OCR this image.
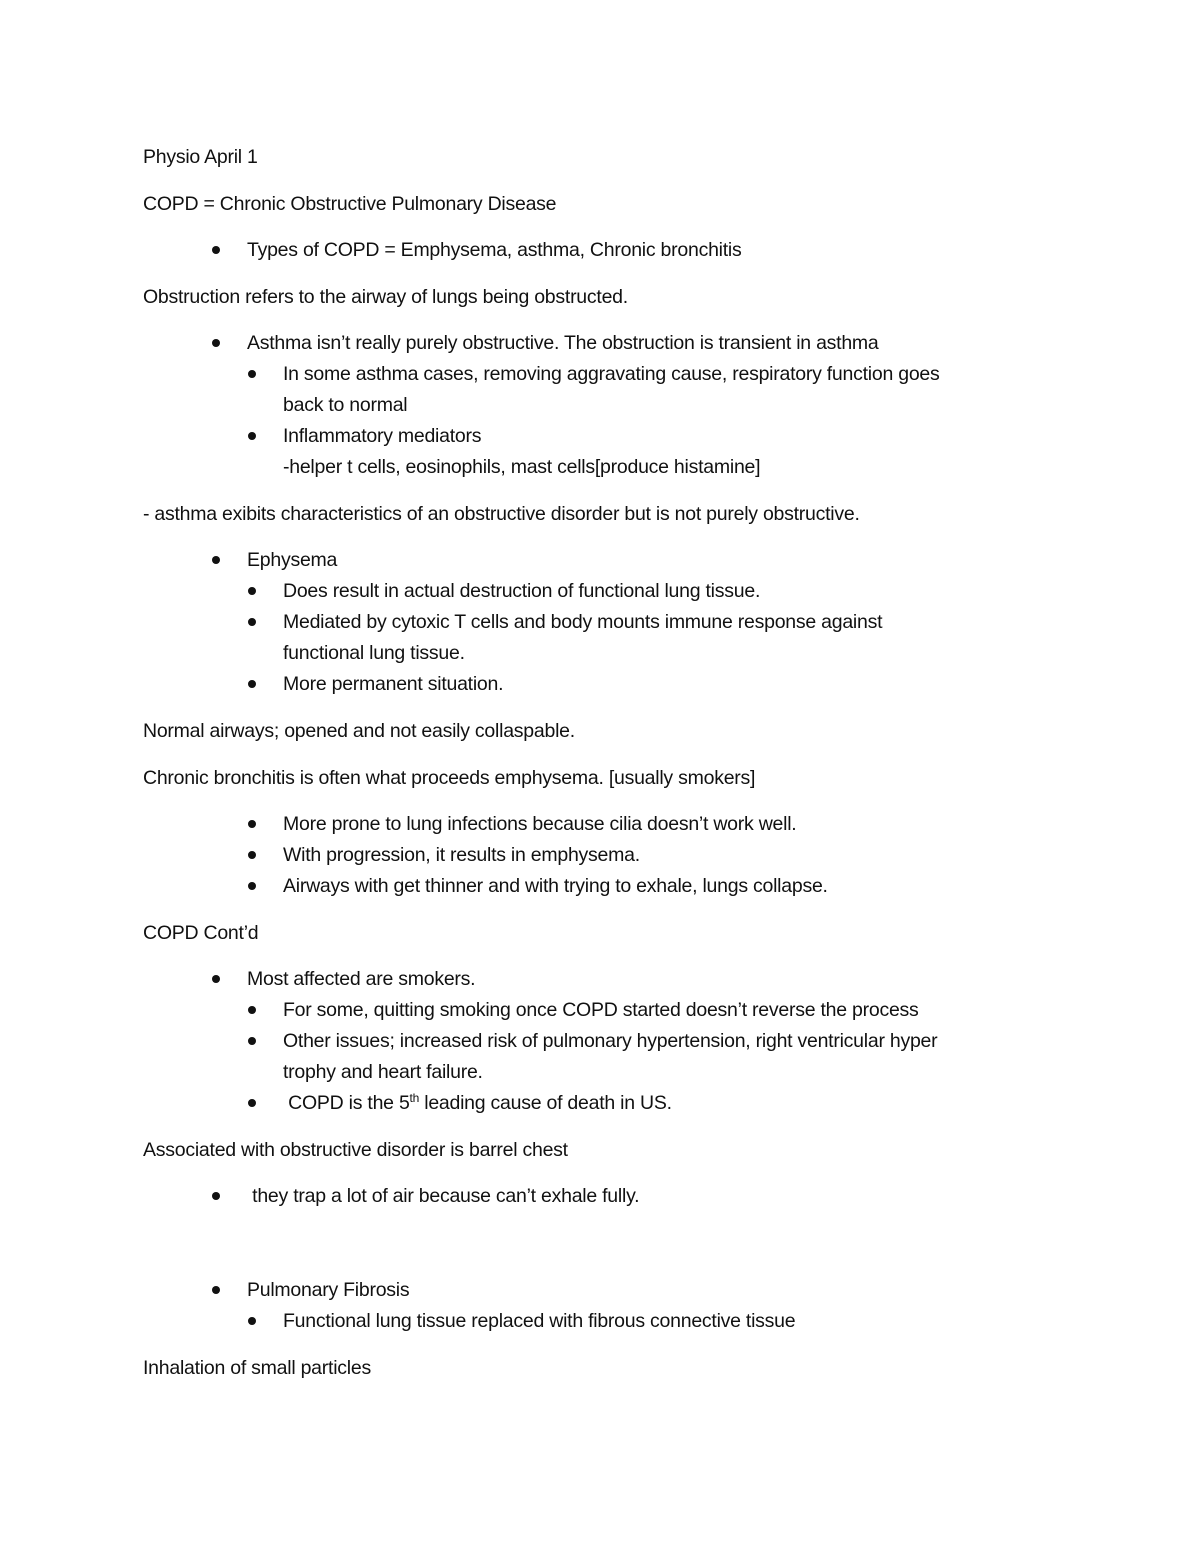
Physio April 1
COPD = Chronic Obstructive Pulmonary Disease
Types of COPD = Emphysema, asthma, Chronic bronchitis
Obstruction refers to the airway of lungs being obstructed.
Asthma isn’t really purely obstructive. The obstruction is transient in asthma
In some asthma cases, removing aggravating cause, respiratory function goes
back to normal
Inflammatory mediators
-helper t cells, eosinophils, mast cells[produce histamine]
- asthma exibits characteristics of an obstructive disorder but is not purely obstructive.
Ephysema
Does result in actual destruction of functional lung tissue.
Mediated by cytoxic T cells and body mounts immune response against
functional lung tissue.
More permanent situation.
Normal airways; opened and not easily collaspable.
Chronic bronchitis is often what proceeds emphysema. [usually smokers]
More prone to lung infections because cilia doesn’t work well.
With progression, it results in emphysema.
Airways with get thinner and with trying to exhale, lungs collapse.
COPD Cont’d
Most affected are smokers.
For some, quitting smoking once COPD started doesn’t reverse the process
Other issues; increased risk of pulmonary hypertension, right ventricular hyper
trophy and heart failure.
COPD is the 5th leading cause of death in US.
Associated with obstructive disorder is barrel chest
they trap a lot of air because can’t exhale fully.
Pulmonary Fibrosis
Functional lung tissue replaced with fibrous connective tissue
Inhalation of small particles
